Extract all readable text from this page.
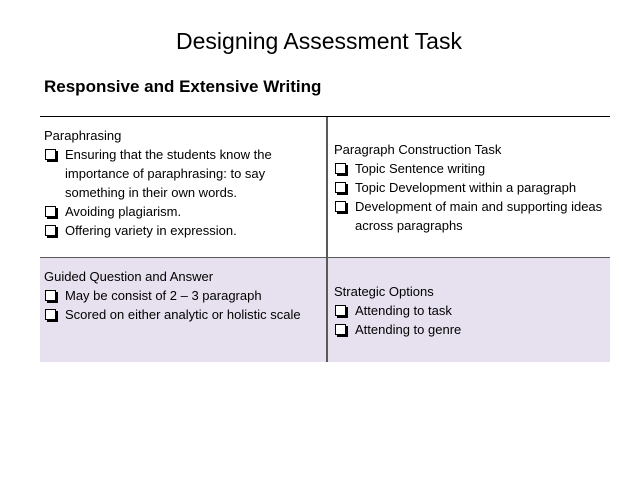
Designing Assessment Task
Responsive and Extensive Writing
Paraphrasing
Ensuring that the students know the importance of paraphrasing: to say something in their own words.
Avoiding plagiarism.
Offering variety in expression.
Paragraph Construction Task
Topic Sentence writing
Topic Development within a paragraph
Development of main and supporting ideas across paragraphs
Guided Question and Answer
May be consist of 2 – 3 paragraph
Scored on either analytic or holistic scale
Strategic Options
Attending to task
Attending to genre
